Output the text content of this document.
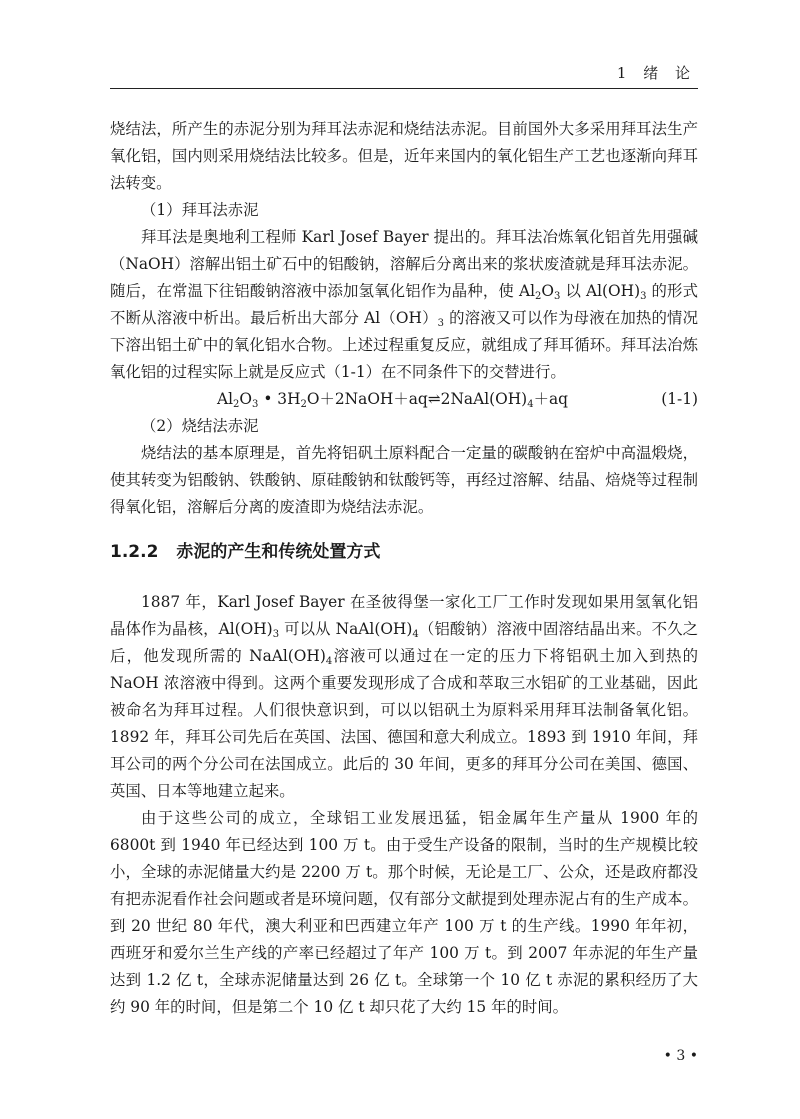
1 绪 论

烧结法，所产生的赤泥分别为拜耳法赤泥和烧结法赤泥。目前国外大多采用拜耳法生产氧化铝，国内则采用烧结法比较多。但是，近年来国内的氧化铝生产工艺也逐渐向拜耳法转变。

（1）拜耳法赤泥

拜耳法是奥地利工程师 Karl Josef Bayer 提出的。拜耳法冶炼氧化铝首先用强碱（NaOH）溶解出铝土矿石中的铝酸钠，溶解后分离出来的浆状废渣就是拜耳法赤泥。随后，在常温下往铝酸钠溶液中添加氢氧化铝作为晶种，使 $Al_2O_3$ 以 $Al(OH)_3$ 的形式不断从溶液中析出。最后析出大部分 $Al(OH)_3$ 的溶液又可以作为母液在加热的情况下溶出铝土矿中的氧化铝水合物。上述过程重复反应，就组成了拜耳循环。拜耳法冶炼氧化铝的过程实际上就是反应式（1-1）在不同条件下的交替进行。

$Al_2O_3$ • $3H_2O+2NaOH+aq\rightleftharpoons 2NaAl(OH)_4+aq$	(1-1)

（2）烧结法赤泥

烧结法的基本原理是，首先将铝矾土原料配合一定量的碳酸钠在窑炉中高温煅烧，使其转变为铝酸钠、铁酸钠、原硅酸钠和钛酸钙等，再经过溶解、结晶、焙烧等过程制得氧化铝，溶解后分离的废渣即为烧结法赤泥。

1.2.2 赤泥的产生和传统处置方式

1887 年，Karl Josef Bayer 在圣彼得堡一家化工厂工作时发现如果用氢氧化铝晶体作为晶核，$Al(OH)_3$ 可以从 $NaAl(OH)_4$（铝酸钠）溶液中固溶结晶出来。不久之后，他发现所需的 $NaAl(OH)_4$溶液可以通过在一定的压力下将铝矾土加入到热的 NaOH 浓溶液中得到。这两个重要发现形成了合成和萃取三水铝矿的工业基础，因此被命名为拜耳过程。人们很快意识到，可以以铝矾土为原料采用拜耳法制备氧化铝。1892 年，拜耳公司先后在英国、法国、德国和意大利成立。1893 到 1910 年间，拜耳公司的两个分公司在法国成立。此后的 30 年间，更多的拜耳分公司在美国、德国、英国、日本等地建立起来。

由于这些公司的成立，全球铝工业发展迅猛，铝金属年生产量从 1900 年的 6800t 到 1940 年已经达到 100 万 t。由于受生产设备的限制，当时的生产规模比较小，全球的赤泥储量大约是 2200 万 t。那个时候，无论是工厂、公众，还是政府都没有把赤泥看作社会问题或者是环境问题，仅有部分文献提到处理赤泥占有的生产成本。到 20 世纪 80 年代，澳大利亚和巴西建立年产 100 万 t 的生产线。1990 年年初，西班牙和爱尔兰生产线的产率已经超过了年产 100 万 t。到 2007 年赤泥的年生产量达到 1.2 亿 t，全球赤泥储量达到 26 亿 t。全球第一个 10 亿 t 赤泥的累积经历了大约 90 年的时间，但是第二个 10 亿 t 却只花了大约 15 年的时间。

• 3 •
